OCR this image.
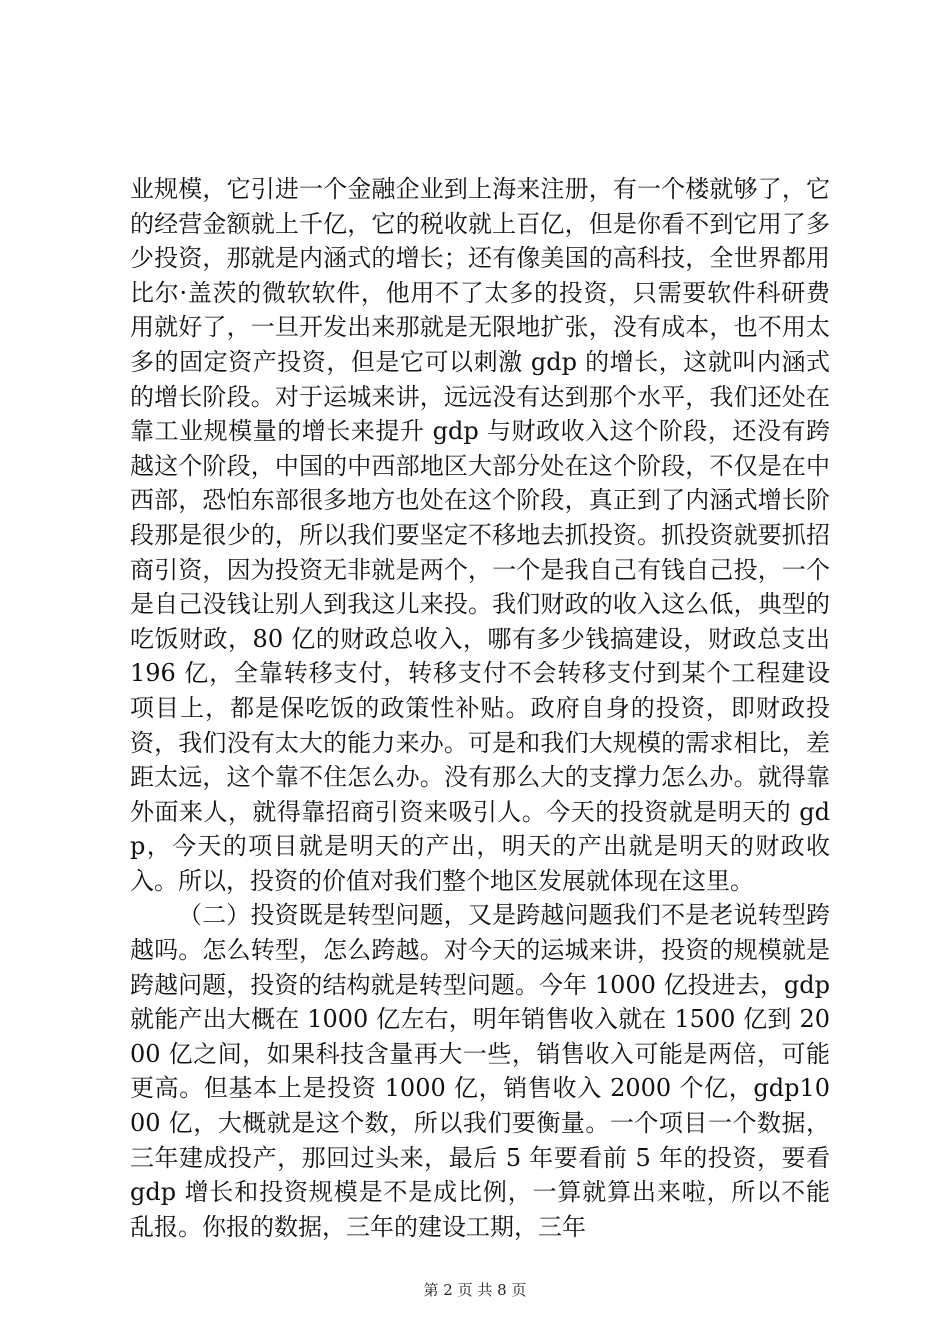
业规模，它引进一个金融企业到上海来注册，有一个楼就够了，它的经营金额就上千亿，它的税收就上百亿，但是你看不到它用了多少投资，那就是内涵式的增长；还有像美国的高科技，全世界都用比尔·盖茨的微软软件，他用不了太多的投资，只需要软件科研费用就好了，一旦开发出来那就是无限地扩张，没有成本，也不用太多的固定资产投资，但是它可以刺激 gdp 的增长，这就叫内涵式的增长阶段。对于运城来讲，远远没有达到那个水平，我们还处在靠工业规模量的增长来提升 gdp 与财政收入这个阶段，还没有跨越这个阶段，中国的中西部地区大部分处在这个阶段，不仅是在中西部，恐怕东部很多地方也处在这个阶段，真正到了内涵式增长阶段那是很少的，所以我们要坚定不移地去抓投资。抓投资就要抓招商引资，因为投资无非就是两个，一个是我自己有钱自己投，一个是自己没钱让别人到我这儿来投。我们财政的收入这么低，典型的吃饭财政，80 亿的财政总收入，哪有多少钱搞建设，财政总支出 196 亿，全靠转移支付，转移支付不会转移支付到某个工程建设项目上，都是保吃饭的政策性补贴。政府自身的投资，即财政投资，我们没有太大的能力来办。可是和我们大规模的需求相比，差距太远，这个靠不住怎么办。没有那么大的支撑力怎么办。就得靠外面来人，就得靠招商引资来吸引人。今天的投资就是明天的 gdp，今天的项目就是明天的产出，明天的产出就是明天的财政收入。所以，投资的价值对我们整个地区发展就体现在这里。

（二）投资既是转型问题，又是跨越问题我们不是老说转型跨越吗。怎么转型，怎么跨越。对今天的运城来讲，投资的规模就是跨越问题，投资的结构就是转型问题。今年 1000 亿投进去，gdp 就能产出大概在 1000 亿左右，明年销售收入就在 1500 亿到 2000 亿之间，如果科技含量再大一些，销售收入可能是两倍，可能更高。但基本上是投资 1000 亿，销售收入 2000 个亿，gdp1000 亿，大概就是这个数，所以我们要衡量。一个项目一个数据，三年建成投产，那回过头来，最后 5 年要看前 5 年的投资，要看 gdp 增长和投资规模是不是成比例，一算就算出来啦，所以不能乱报。你报的数据，三年的建设工期，三年

第 2 页 共 8 页
